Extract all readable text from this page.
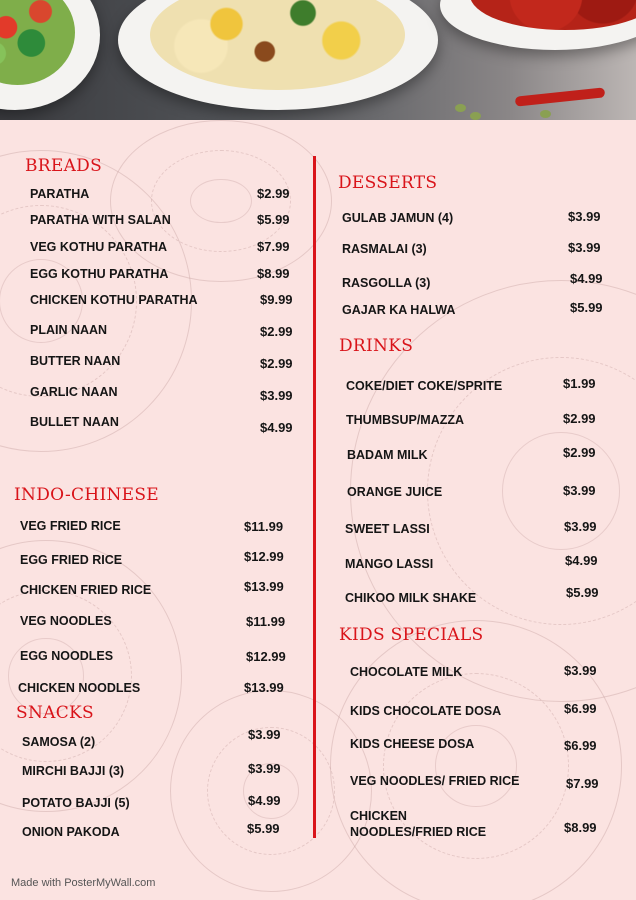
BREADS
PARATHA	$2.99
PARATHA WITH SALAN	$5.99
VEG KOTHU PARATHA	$7.99
EGG KOTHU PARATHA	$8.99
CHICKEN KOTHU PARATHA	$9.99
PLAIN NAAN	$2.99
BUTTER NAAN	$2.99
GARLIC NAAN	$3.99
BULLET NAAN	$4.99
INDO-CHINESE
VEG FRIED RICE	$11.99
EGG FRIED RICE	$12.99
CHICKEN FRIED RICE	$13.99
VEG NOODLES	$11.99
EGG NOODLES	$12.99
CHICKEN NOODLES	$13.99
SNACKS
SAMOSA (2)	$3.99
MIRCHI BAJJI (3)	$3.99
POTATO BAJJI (5)	$4.99
ONION PAKODA	$5.99
DESSERTS
GULAB JAMUN (4)	$3.99
RASMALAI (3)	$3.99
RASGOLLA (3)	$4.99
GAJAR KA HALWA	$5.99
DRINKS
COKE/DIET COKE/SPRITE	$1.99
THUMBSUP/MAZZA	$2.99
BADAM MILK	$2.99
ORANGE JUICE	$3.99
SWEET LASSI	$3.99
MANGO LASSI	$4.99
CHIKOO MILK SHAKE	$5.99
KIDS SPECIALS
CHOCOLATE MILK	$3.99
KIDS CHOCOLATE DOSA	$6.99
KIDS CHEESE DOSA	$6.99
VEG NOODLES/ FRIED RICE	$7.99
CHICKEN
NOODLES/FRIED RICE	$8.99
Made with PosterMyWall.com
